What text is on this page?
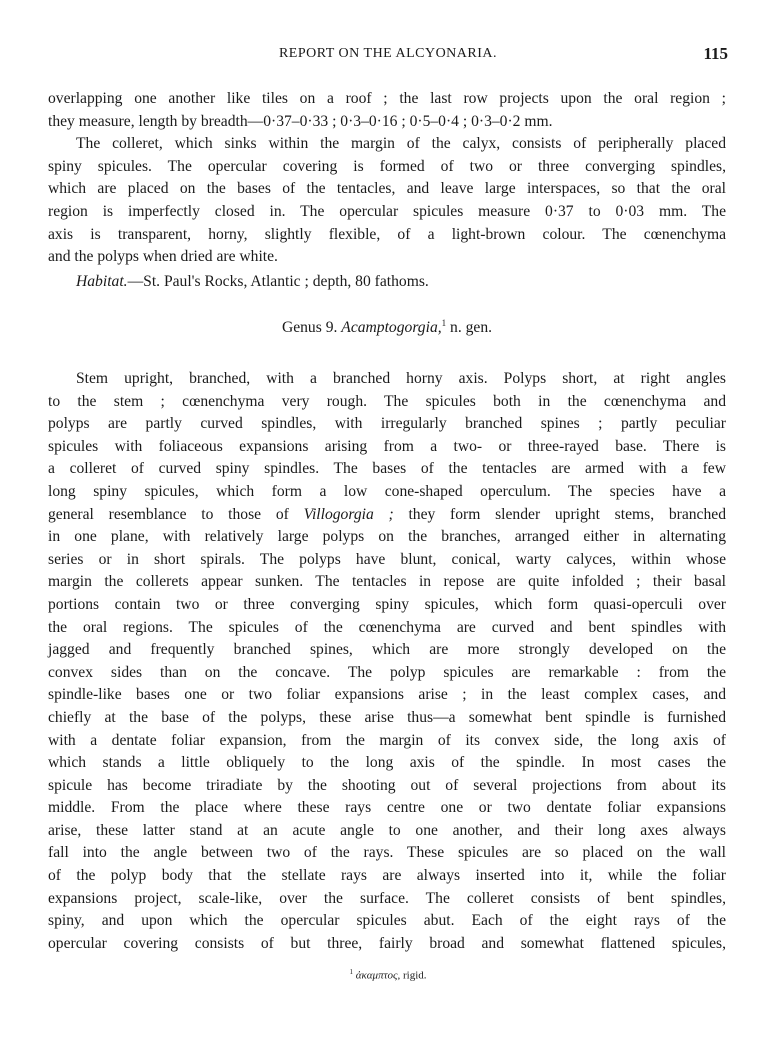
REPORT ON THE ALCYONARIA.	115
overlapping one another like tiles on a roof ; the last row projects upon the oral region ;
they measure, length by breadth—0·37–0·33 ; 0·3–0·16 ; 0·5–0·4 ; 0·3–0·2 mm.
The colleret, which sinks within the margin of the calyx, consists of peripherally placed
spiny spicules. The opercular covering is formed of two or three converging spindles,
which are placed on the bases of the tentacles, and leave large interspaces, so that the oral
region is imperfectly closed in. The opercular spicules measure 0·37 to 0·03 mm. The
axis is transparent, horny, slightly flexible, of a light-brown colour. The cœnenchyma
and the polyps when dried are white.
Habitat.—St. Paul's Rocks, Atlantic ; depth, 80 fathoms.
Genus 9. Acamptogorgia,$^1$ n. gen.
Stem upright, branched, with a branched horny axis. Polyps short, at right angles
to the stem ; cœnenchyma very rough. The spicules both in the cœnenchyma and
polyps are partly curved spindles, with irregularly branched spines ; partly peculiar
spicules with foliaceous expansions arising from a two- or three-rayed base. There is
a colleret of curved spiny spindles. The bases of the tentacles are armed with a few
long spiny spicules, which form a low cone-shaped operculum. The species have a
general resemblance to those of Villogorgia ; they form slender upright stems, branched
in one plane, with relatively large polyps on the branches, arranged either in alternating
series or in short spirals. The polyps have blunt, conical, warty calyces, within whose
margin the collerets appear sunken. The tentacles in repose are quite infolded ; their basal
portions contain two or three converging spiny spicules, which form quasi-operculi over
the oral regions. The spicules of the cœnenchyma are curved and bent spindles with
jagged and frequently branched spines, which are more strongly developed on the
convex sides than on the concave. The polyp spicules are remarkable : from the
spindle-like bases one or two foliar expansions arise ; in the least complex cases, and
chiefly at the base of the polyps, these arise thus—a somewhat bent spindle is furnished
with a dentate foliar expansion, from the margin of its convex side, the long axis of
which stands a little obliquely to the long axis of the spindle. In most cases the
spicule has become triradiate by the shooting out of several projections from about its
middle. From the place where these rays centre one or two dentate foliar expansions
arise, these latter stand at an acute angle to one another, and their long axes always
fall into the angle between two of the rays. These spicules are so placed on the wall
of the polyp body that the stellate rays are always inserted into it, while the foliar
expansions project, scale-like, over the surface. The colleret consists of bent spindles,
spiny, and upon which the opercular spicules abut. Each of the eight rays of the
opercular covering consists of but three, fairly broad and somewhat flattened spicules,
$^1$ ἀκαμπτος, rigid.
